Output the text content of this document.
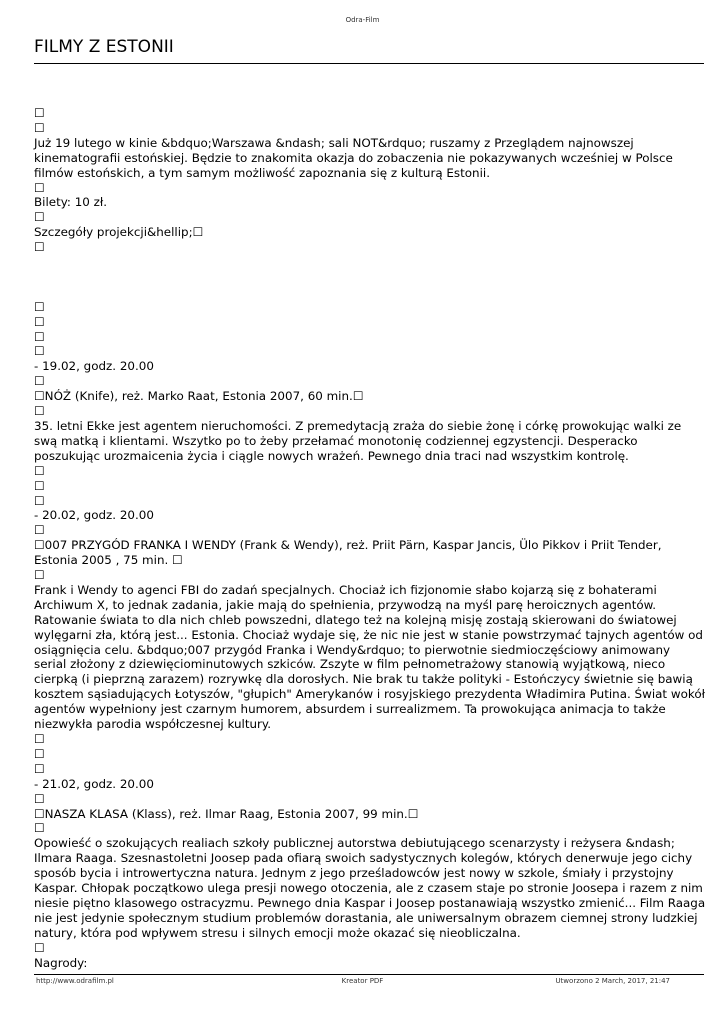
Odra-Film
FILMY Z ESTONII
☐
☐
Już 19 lutego w kinie &bdquo;Warszawa &ndash; sali NOT&rdquo; ruszamy z Przeglądem najnowszej kinematografii estońskiej. Będzie to znakomita okazja do zobaczenia nie pokazywanych wcześniej w Polsce filmów estońskich, a tym samym możliwość zapoznania się z kulturą Estonii.
☐
Bilety: 10 zł.
☐
Szczegóły projekcji&hellip;☐
☐
☐
☐
☐
☐
- 19.02, godz. 20.00
☐
☐ NÓŻ (Knife), reż. Marko Raat, Estonia 2007, 60 min.☐
☐
35. letni Ekke jest agentem nieruchomości. Z premedytacją zraża do siebie żonę i córkę prowokując walki ze swą matką i klientami. Wszytko po to żeby przełamać monotonię codziennej egzystencji. Desperacko poszukując urozmaicenia życia i ciągle nowych wrażeń. Pewnego dnia traci nad wszystkim kontrolę.
☐
☐
☐
- 20.02, godz. 20.00
☐
☐ 007 PRZYGÓD FRANKA I WENDY (Frank & Wendy), reż. Priit Pärn, Kaspar Jancis, Ülo Pikkov i Priit Tender, Estonia 2005 , 75 min. ☐
☐
Frank i Wendy to agenci FBI do zadań specjalnych. Chociaż ich fizjonomie słabo kojarzą się z bohaterami Archiwum X, to jednak zadania, jakie mają do spełnienia, przywodzą na myśl parę heroicznych agentów. Ratowanie świata to dla nich chleb powszedni, dlatego też na kolejną misję zostają skierowani do światowej wylęgarni zła, którą jest... Estonia. Chociaż wydaje się, że nic nie jest w stanie powstrzymać tajnych agentów od osiągnięcia celu. &bdquo;007 przygód Franka i Wendy&rdquo; to pierwotnie siedmioczęściowy animowany serial złożony z dziewięciominutowych szkiców. Zszyte w film pełnometrażowy stanowią wyjątkową, nieco cierpką (i pieprzną zarazem) rozrywkę dla dorosłych. Nie brak tu także polityki - Estończycy świetnie się bawią kosztem sąsiadujących Łotyszów, "głupich" Amerykanów i rosyjskiego prezydenta Władimira Putina. Świat wokół agentów wypełniony jest czarnym humorem, absurdem i surrealizmem. Ta prowokująca animacja to także niezwykła parodia współczesnej kultury.
☐
☐
☐
- 21.02, godz. 20.00
☐
☐ NASZA KLASA (Klass), reż. Ilmar Raag, Estonia 2007, 99 min.☐
☐
Opowieść o szokujących realiach szkoły publicznej autorstwa debiutującego scenarzysty i reżysera &ndash; Ilmara Raaga. Szesnastoletni Joosep pada ofiarą swoich sadystycznych kolegów, których denerwuje jego cichy sposób bycia i introwertyczna natura. Jednym z jego prześladowców jest nowy w szkole, śmiały i przystojny Kaspar. Chłopak początkowo ulega presji nowego otoczenia, ale z czasem staje po stronie Joosepa i razem z nim niesie piętno klasowego ostracyzmu. Pewnego dnia Kaspar i Joosep postanawiają wszystko zmienić... Film Raaga nie jest jedynie społecznym studium problemów dorastania, ale uniwersalnym obrazem ciemnej strony ludzkiej natury, która pod wpływem stresu i silnych emocji może okazać się nieobliczalna.
☐
Nagrody:
http://www.odrafilm.pl	Kreator PDF	Utworzono 2 March, 2017, 21:47
